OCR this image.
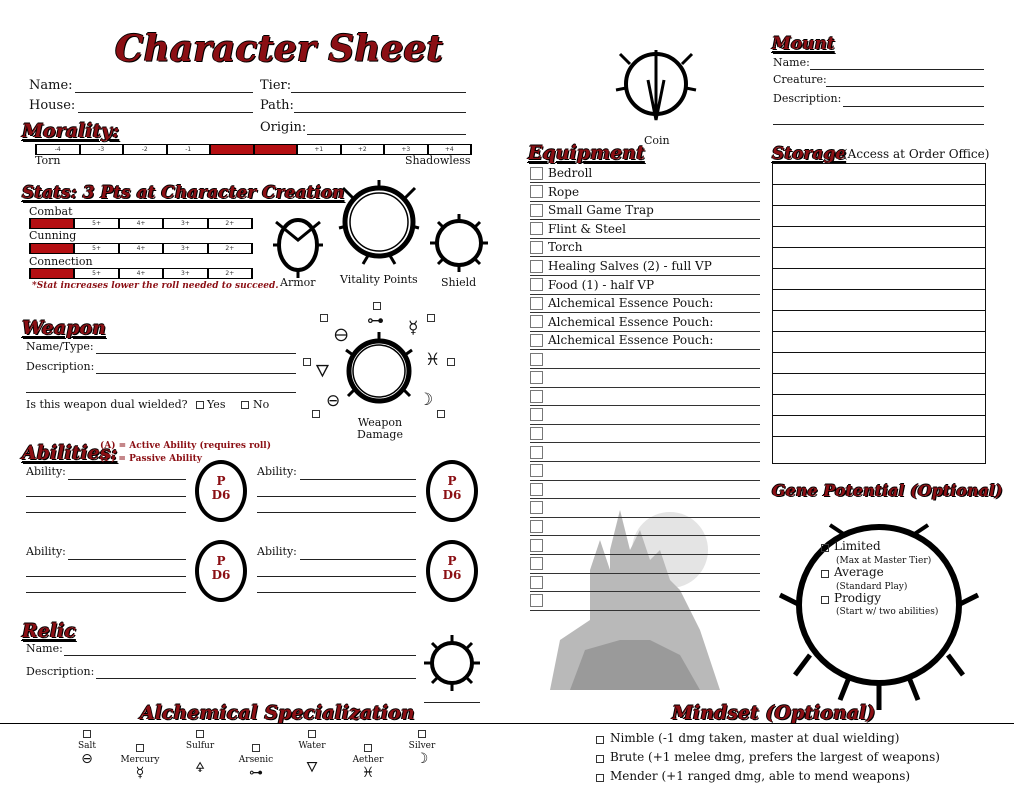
Character Sheet
Name:
House:
Tier:
Path:
Origin:
Morality:
-4	-3	-2	-1	+1	+2	+3	+4
Torn	Shadowless
Stats: 3 Pts at Character Creation
Combat
5+	4+	3+	2+
Cunning
5+	4+	3+	2+
Connection
5+	4+	3+	2+
*Stat increases lower the roll needed to succeed. Armor Vitality Points Shield
Weapon
Name/Type:
Description:
Is this weapon dual wielded? Yes	No
Weapon Damage
🜔
⊶ ☿
🜄
♓
⊖	☽
Abilities:
(A) = Active Ability (requires roll)
(P) = Passive Ability
Ability:
P
D6
Ability:
P
D6
Ability:
P
D6
Ability:
P
D6
Relic
Name:
Description:
Coin
Equipment
Bedroll
Rope
Small Game Trap
Flint & Steel
Torch
Healing Salves (2) - full VP
Food (1) - half VP
Alchemical Essence Pouch:
Alchemical Essence Pouch:
Alchemical Essence Pouch:
Mount
Name:
Creature:
Description:
Storage
(Access at Order Office)
Gene Potential (Optional)
Limited
(Max at Master Tier)
Average
(Standard Play)
Prodigy
(Start w/ two abilities)
Alchemical Specialization
Salt
⊖	Mercury
☿
Sulfur
🜍	Arsenic
⊶
Water
🜄	Aether
♓
Silver
☽
Mindset (Optional)
Nimble (-1 dmg taken, master at dual wielding)
Brute (+1 melee dmg, prefers the largest of weapons)
Mender (+1 ranged dmg, able to mend weapons)
